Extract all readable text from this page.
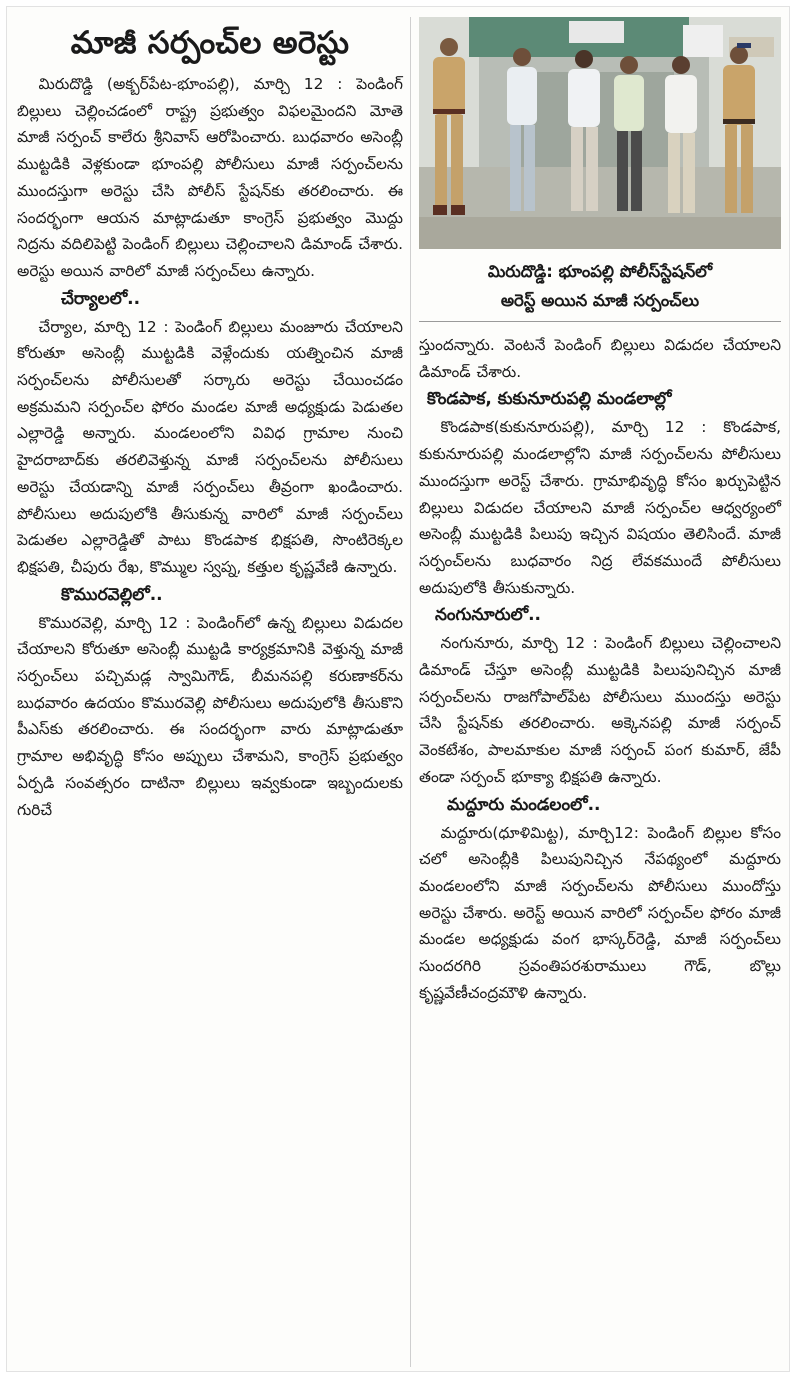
మాజీ సర్పంచ్‌ల అరెస్టు

మిరుదొడ్డి (అక్బర్‌పేట-భూంపల్లి), మార్చి 12 : పెండింగ్ బిల్లులు చెల్లించడంలో రాష్ట్ర ప్రభుత్వం విఫలమైందని మోతె మాజీ సర్పంచ్ కాలేరు శ్రీనివాస్ ఆరోపించారు. బుధవారం అసెంబ్లీ ముట్టడికి వెళ్లకుండా భూంపల్లి పోలీసులు మాజీ సర్పంచ్‌లను ముందస్తుగా అరెస్టు చేసి పోలీస్ స్టేషన్‌కు తరలించారు. ఈ సందర్భంగా ఆయన మాట్లాడుతూ కాంగ్రెస్ ప్రభుత్వం మొద్దు నిద్రను వదిలిపెట్టి పెండింగ్ బిల్లులు చెల్లించాలని డిమాండ్ చేశారు. అరెస్టు అయిన వారిలో మాజీ సర్పంచ్‌లు ఉన్నారు.

చేర్యాలలో..

చేర్యాల, మార్చి 12 : పెండింగ్ బిల్లులు మంజూరు చేయాలని కోరుతూ అసెంబ్లీ ముట్టడికి వెళ్లేందుకు యత్నించిన మాజీ సర్పంచ్‌లను పోలీసులతో సర్కారు అరెస్టు చేయించడం అక్రమమని సర్పంచ్‌ల ఫోరం మండల మాజీ అధ్యక్షుడు పెడుతల ఎల్లారెడ్డి అన్నారు. మండలంలోని వివిధ గ్రామాల నుంచి హైదరాబాద్‌కు తరలివెళ్తున్న మాజీ సర్పంచ్‌లను పోలీసులు అరెస్టు చేయడాన్ని మాజీ సర్పంచ్‌లు తీవ్రంగా ఖండించారు. పోలీసులు అదుపులోకి తీసుకున్న వారిలో మాజీ సర్పంచ్‌లు పెడుతల ఎల్లారెడ్డితో పాటు కొండపాక భిక్షపతి, సొంటిరెక్కల భిక్షపతి, చీపురు రేఖ, కొమ్ముల స్వప్న, కత్తుల కృష్ణవేణి ఉన్నారు.

కొమురవెల్లిలో..

కొమురవెల్లి, మార్చి 12 : పెండింగ్‌లో ఉన్న బిల్లులు విడుదల చేయాలని కోరుతూ అసెంబ్లీ ముట్టడి కార్యక్రమానికి వెళ్తున్న మాజీ సర్పంచ్‌లు పచ్చిమడ్ల స్వామిగౌడ్, బీమనపల్లి కరుణాకర్‌ను బుధవారం ఉదయం కొమురవెల్లి పోలీసులు అదుపులోకి తీసుకొని పీఎస్‌కు తరలించారు. ఈ సందర్భంగా వారు మాట్లాడుతూ గ్రామాల అభివృద్ధి కోసం అప్పులు చేశామని, కాంగ్రెస్ ప్రభుత్వం ఏర్పడి సంవత్సరం దాటినా బిల్లులు ఇవ్వకుండా ఇబ్బందులకు గురిచే

మిరుదొడ్డి: భూంపల్లి పోలీస్‌స్టేషన్‌లో
అరెస్ట్ అయిన మాజీ సర్పంచ్‌లు

స్తుందన్నారు. వెంటనే పెండింగ్ బిల్లులు విడుదల చేయాలని డిమాండ్ చేశారు.

కొండపాక, కుకునూరుపల్లి మండలాల్లో

కొండపాక(కుకునూరుపల్లి), మార్చి 12 : కొండపాక, కుకునూరుపల్లి మండలాల్లోని మాజీ సర్పంచ్‌లను పోలీసులు ముందస్తుగా అరెస్ట్ చేశారు. గ్రామాభివృద్ధి కోసం ఖర్చుపెట్టిన బిల్లులు విడుదల చేయాలని మాజీ సర్పంచ్‌ల ఆధ్వర్యంలో అసెంబ్లీ ముట్టడికి పిలుపు ఇచ్చిన విషయం తెలిసిందే. మాజీ సర్పంచ్‌లను బుధవారం నిద్ర లేవకముందే పోలీసులు అదుపులోకి తీసుకున్నారు.

నంగునూరులో..

నంగునూరు, మార్చి 12 : పెండింగ్ బిల్లులు చెల్లించాలని డిమాండ్ చేస్తూ అసెంబ్లీ ముట్టడికి పిలుపునిచ్చిన మాజీ సర్పంచ్‌లను రాజగోపాల్‌పేట పోలీసులు ముందస్తు అరెస్టు చేసి స్టేషన్‌కు తరలించారు. అక్కెనపల్లి మాజీ సర్పంచ్ వెంకటేశం, పాలమాకుల మాజీ సర్పంచ్ పంగ కుమార్, జేపీ తండా సర్పంచ్ భూక్యా భిక్షపతి ఉన్నారు.

మద్దూరు మండలంలో..

మద్దూరు(ధూళిమిట్ట), మార్చి12: పెండింగ్ బిల్లుల కోసం చలో అసెంబ్లీకి పిలుపునిచ్చిన నేపథ్యంలో మద్దూరు మండలంలోని మాజీ సర్పంచ్‌లను పోలీసులు ముందోస్తు అరెస్టు చేశారు. అరెస్ట్ అయిన వారిలో సర్పంచ్‌ల ఫోరం మాజీ మండల అధ్యక్షుడు వంగ భాస్కర్‌రెడ్డి, మాజీ సర్పంచ్‌లు సుందరగిరి స్రవంతిపరశురాములు గౌడ్, బొల్లు కృష్ణవేణీచంద్రమౌళి ఉన్నారు.
